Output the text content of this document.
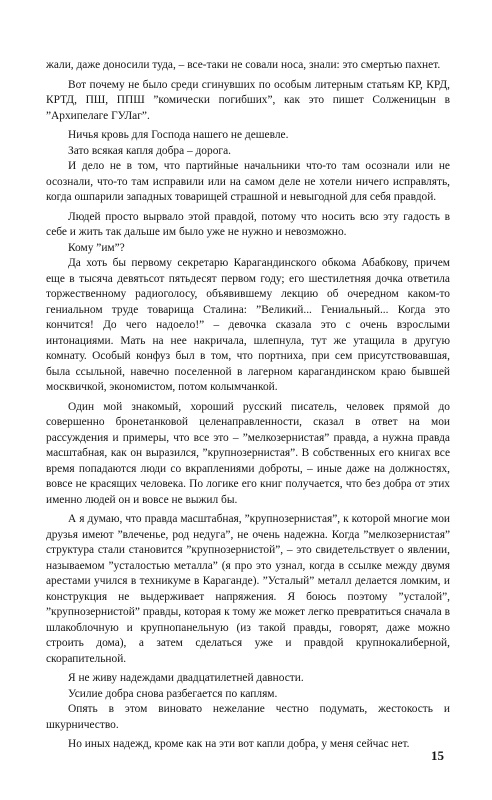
жали, даже доносили туда, – все-таки не совали носа, знали: это смертью пахнет.

Вот почему не было среди сгинувших по особым литерным статьям КР, КРД, КРТД, ПШ, ППШ ”комически погибших”, как это пишет Солженицын в ”Архипелаге ГУЛаг”.

Ничья кровь для Господа нашего не дешевле.

Зато всякая капля добра – дорога.

И дело не в том, что партийные начальники что-то там осознали или не осознали, что-то там исправили или на самом деле не хотели ничего исправлять, когда ошпарили западных товарищей страшной и невыгодной для себя правдой.

Людей просто вырвало этой правдой, потому что носить всю эту гадость в себе и жить так дальше им было уже не нужно и невозможно.

Кому ”им”?

Да хоть бы первому секретарю Карагандинского обкома Абабкову, причем еще в тысяча девятьсот пятьдесят первом году; его шестилетняя дочка ответила торжественному радиоголосу, объявившему лекцию об очередном каком-то гениальном труде товарища Сталина: ”Великий... Гениальный... Когда это кончится! До чего надоело!” – девочка сказала это с очень взрослыми интонациями. Мать на нее накричала, шлепнула, тут же утащила в другую комнату. Особый конфуз был в том, что портниха, при сем присутствовавшая, была ссыльной, навечно поселенной в лагерном карагандинском краю бывшей москвичкой, экономистом, потом колымчанкой.

Один мой знакомый, хороший русский писатель, человек прямой до совершенно бронетанковой целенаправленности, сказал в ответ на мои рассуждения и примеры, что все это – ”мелкозернистая” правда, а нужна правда масштабная, как он выразился, ”крупнозернистая”. В собственных его книгах все время попадаются люди со вкраплениями доброты, – иные даже на должностях, вовсе не красящих человека. По логике его книг получается, что без добра от этих именно людей он и вовсе не выжил бы.

А я думаю, что правда масштабная, ”крупнозернистая”, к которой многие мои друзья имеют ”влеченье, род недуга”, не очень надежна. Когда ”мелкозернистая” структура стали становится ”крупнозернистой”, – это свидетельствует о явлении, называемом ”усталостью металла” (я про это узнал, когда в ссылке между двумя арестами учился в техникуме в Караганде). ”Усталый” металл делается ломким, и конструкция не выдерживает напряжения. Я боюсь поэтому ”усталой”, ”крупнозернистой” правды, которая к тому же может легко превратиться сначала в шлакоблочную и крупнопанельную (из такой правды, говорят, даже можно строить дома), а затем сделаться уже и правдой крупнокалиберной, скорапительной.

Я не живу надеждами двадцатилетней давности.

Усилие добра снова разбегается по каплям.

Опять в этом виновато нежелание честно подумать, жестокость и шкурничество.

Но иных надежд, кроме как на эти вот капли добра, у меня сейчас нет.

15
